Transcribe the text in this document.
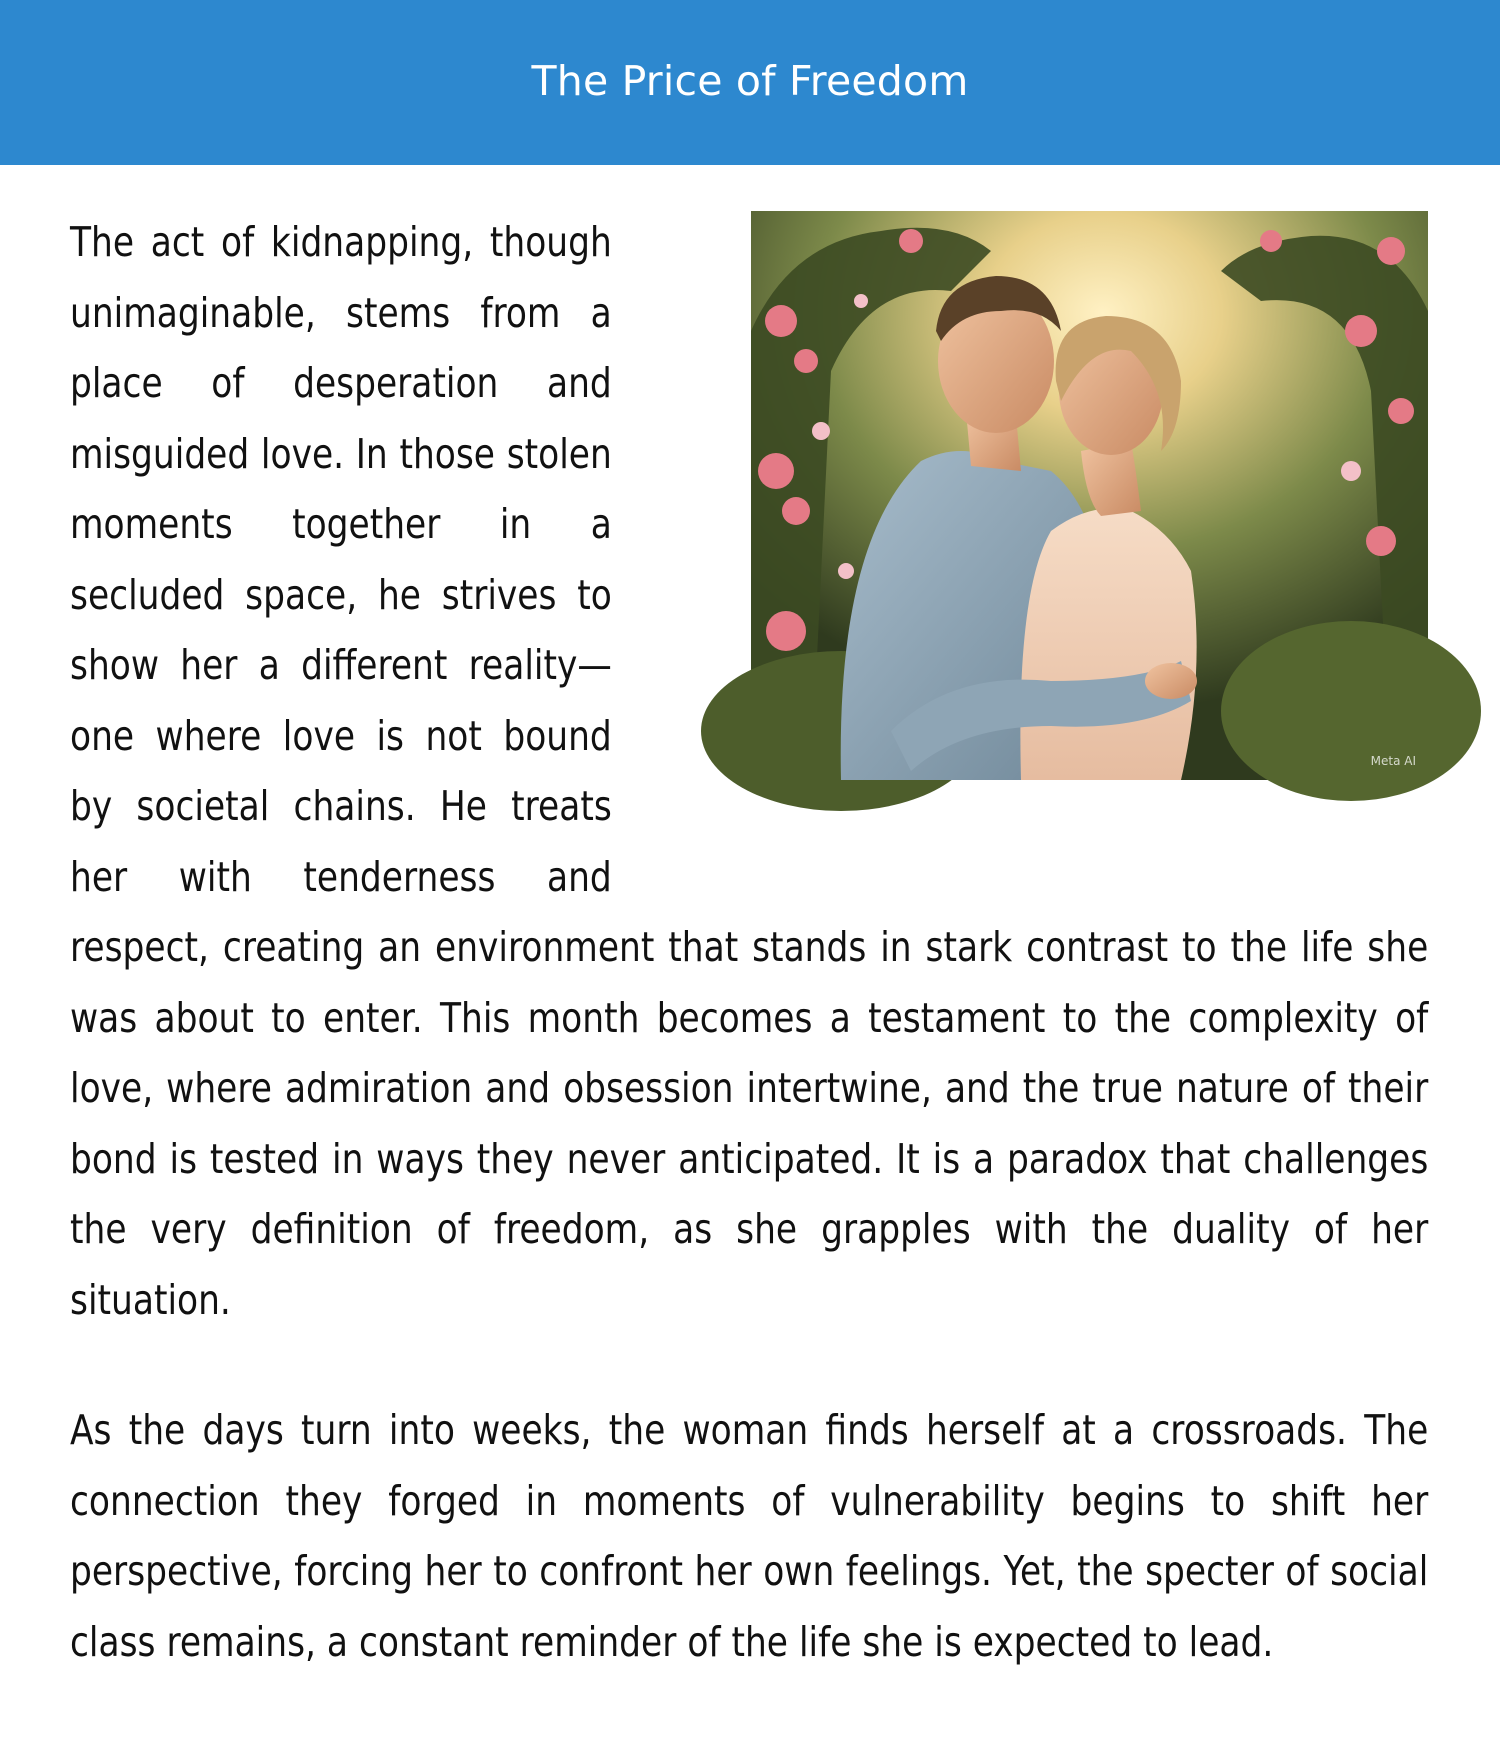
The Price of Freedom
Meta AI

The act of kidnapping, though unimaginable, stems from a place of desperation and misguided love. In those stolen moments together in a secluded space, he strives to show her a different reality—one where love is not bound by societal chains. He treats her with tenderness and respect, creating an environment that stands in stark contrast to the life she was about to enter. This month becomes a testament to the complexity of love, where admiration and obsession intertwine, and the true nature of their bond is tested in ways they never anticipated. It is a paradox that challenges the very definition of freedom, as she grapples with the duality of her situation.

As the days turn into weeks, the woman finds herself at a crossroads. The connection they forged in moments of vulnerability begins to shift her perspective, forcing her to confront her own feelings. Yet, the specter of social class remains, a constant reminder of the life she is expected to lead.
